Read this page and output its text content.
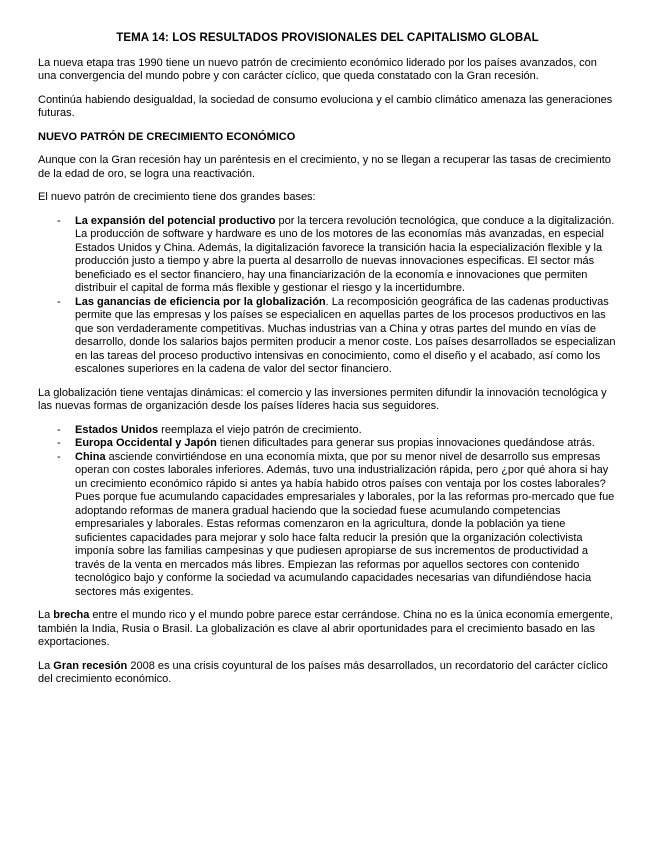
TEMA 14: LOS RESULTADOS PROVISIONALES DEL CAPITALISMO GLOBAL

La nueva etapa tras 1990 tiene un nuevo patrón de crecimiento económico liderado por los países avanzados, con una convergencia del mundo pobre y con carácter cíclico, que queda constatado con la Gran recesión.

Continúa habiendo desigualdad, la sociedad de consumo evoluciona y el cambio climático amenaza las generaciones futuras.

NUEVO PATRÓN DE CRECIMIENTO ECONÓMICO

Aunque con la Gran recesión hay un paréntesis en el crecimiento, y no se llegan a recuperar las tasas de crecimiento de la edad de oro, se logra una reactivación.

El nuevo patrón de crecimiento tiene dos grandes bases:

- La expansión del potencial productivo por la tercera revolución tecnológica, que conduce a la digitalización. La producción de software y hardware es uno de los motores de las economías más avanzadas, en especial Estados Unidos y China. Además, la digitalización favorece la transición hacia la especialización flexible y la producción justo a tiempo y abre la puerta al desarrollo de nuevas innovaciones especificas. El sector más beneficiado es el sector financiero, hay una financiarización de la economía e innovaciones que permiten distribuir el capital de forma más flexible y gestionar el riesgo y la incertidumbre.
- Las ganancias de eficiencia por la globalización. La recomposición geográfica de las cadenas productivas permite que las empresas y los países se especialicen en aquellas partes de los procesos productivos en las que son verdaderamente competitivas. Muchas industrias van a China y otras partes del mundo en vías de desarrollo, donde los salarios bajos permiten producir a menor coste. Los países desarrollados se especializan en las tareas del proceso productivo intensivas en conocimiento, como el diseño y el acabado, así como los escalones superiores en la cadena de valor del sector financiero.

La globalización tiene ventajas dinámicas: el comercio y las inversiones permiten difundir la innovación tecnológica y las nuevas formas de organización desde los países líderes hacia sus seguidores.

- Estados Unidos reemplaza el viejo patrón de crecimiento.
- Europa Occidental y Japón tienen dificultades para generar sus propias innovaciones quedándose atrás.
- China asciende convirtiéndose en una economía mixta, que por su menor nivel de desarrollo sus empresas operan con costes laborales inferiores. Además, tuvo una industrialización rápida, pero ¿por qué ahora si hay un crecimiento económico rápido si antes ya había habido otros países con ventaja por los costes laborales? Pues porque fue acumulando capacidades empresariales y laborales, por la las reformas pro-mercado que fue adoptando reformas de manera gradual haciendo que la sociedad fuese acumulando competencias empresariales y laborales. Estas reformas comenzaron en la agricultura, donde la población ya tiene suficientes capacidades para mejorar y solo hace falta reducir la presión que la organización colectivista imponía sobre las familias campesinas y que pudiesen apropiarse de sus incrementos de productividad a través de la venta en mercados más libres. Empiezan las reformas por aquellos sectores con contenido tecnológico bajo y conforme la sociedad va acumulando capacidades necesarias van difundiéndose hacia sectores más exigentes.

La brecha entre el mundo rico y el mundo pobre parece estar cerrándose. China no es la única economía emergente, también la India, Rusia o Brasil. La globalización es clave al abrir oportunidades para el crecimiento basado en las exportaciones.

La Gran recesión 2008 es una crisis coyuntural de los países más desarrollados, un recordatorio del carácter cíclico del crecimiento económico.
